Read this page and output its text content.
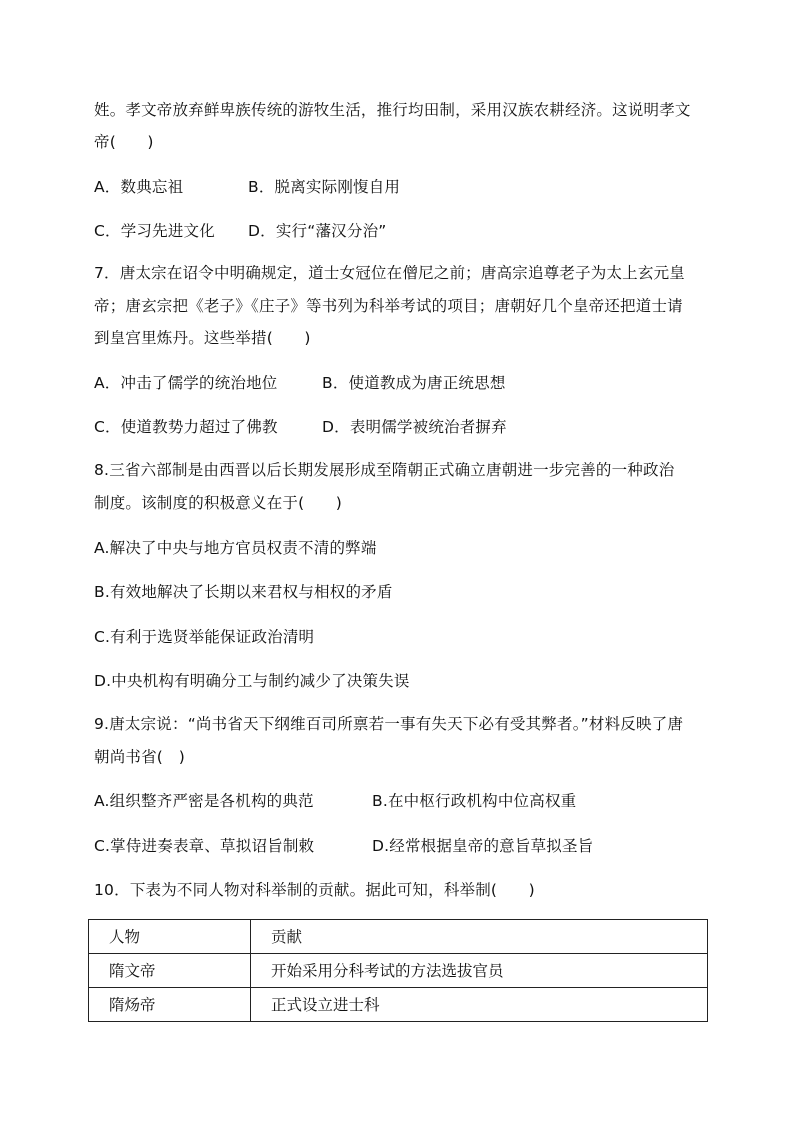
姓。孝文帝放弃鲜卑族传统的游牧生活，推行均田制，采用汉族农耕经济。这说明孝文
帝(　　)
A．数典忘祖	B．脱离实际刚愎自用
C．学习先进文化 D．实行“藩汉分治”
7．唐太宗在诏令中明确规定，道士女冠位在僧尼之前；唐高宗追尊老子为太上玄元皇
帝；唐玄宗把《老子》《庄子》等书列为科举考试的项目；唐朝好几个皇帝还把道士请
到皇宫里炼丹。这些举措(　　)
A．冲击了儒学的统治地位	B．使道教成为唐正统思想
C．使道教势力超过了佛教	D．表明儒学被统治者摒弃
8.三省六部制是由西晋以后长期发展形成至隋朝正式确立唐朝进一步完善的一种政治
制度。该制度的积极意义在于(　　)
A.解决了中央与地方官员权责不清的弊端
B.有效地解决了长期以来君权与相权的矛盾
C.有利于选贤举能保证政治清明
D.中央机构有明确分工与制约减少了决策失误
9.唐太宗说：“尚书省天下纲维百司所禀若一事有失天下必有受其弊者。”材料反映了唐
朝尚书省(　)
A.组织整齐严密是各机构的典范	B.在中枢行政机构中位高权重
C.掌侍进奏表章、草拟诏旨制敕	D.经常根据皇帝的意旨草拟圣旨
10．下表为不同人物对科举制的贡献。据此可知，科举制(　　)
人物	贡献
隋文帝	开始采用分科考试的方法选拔官员
隋炀帝	正式设立进士科
